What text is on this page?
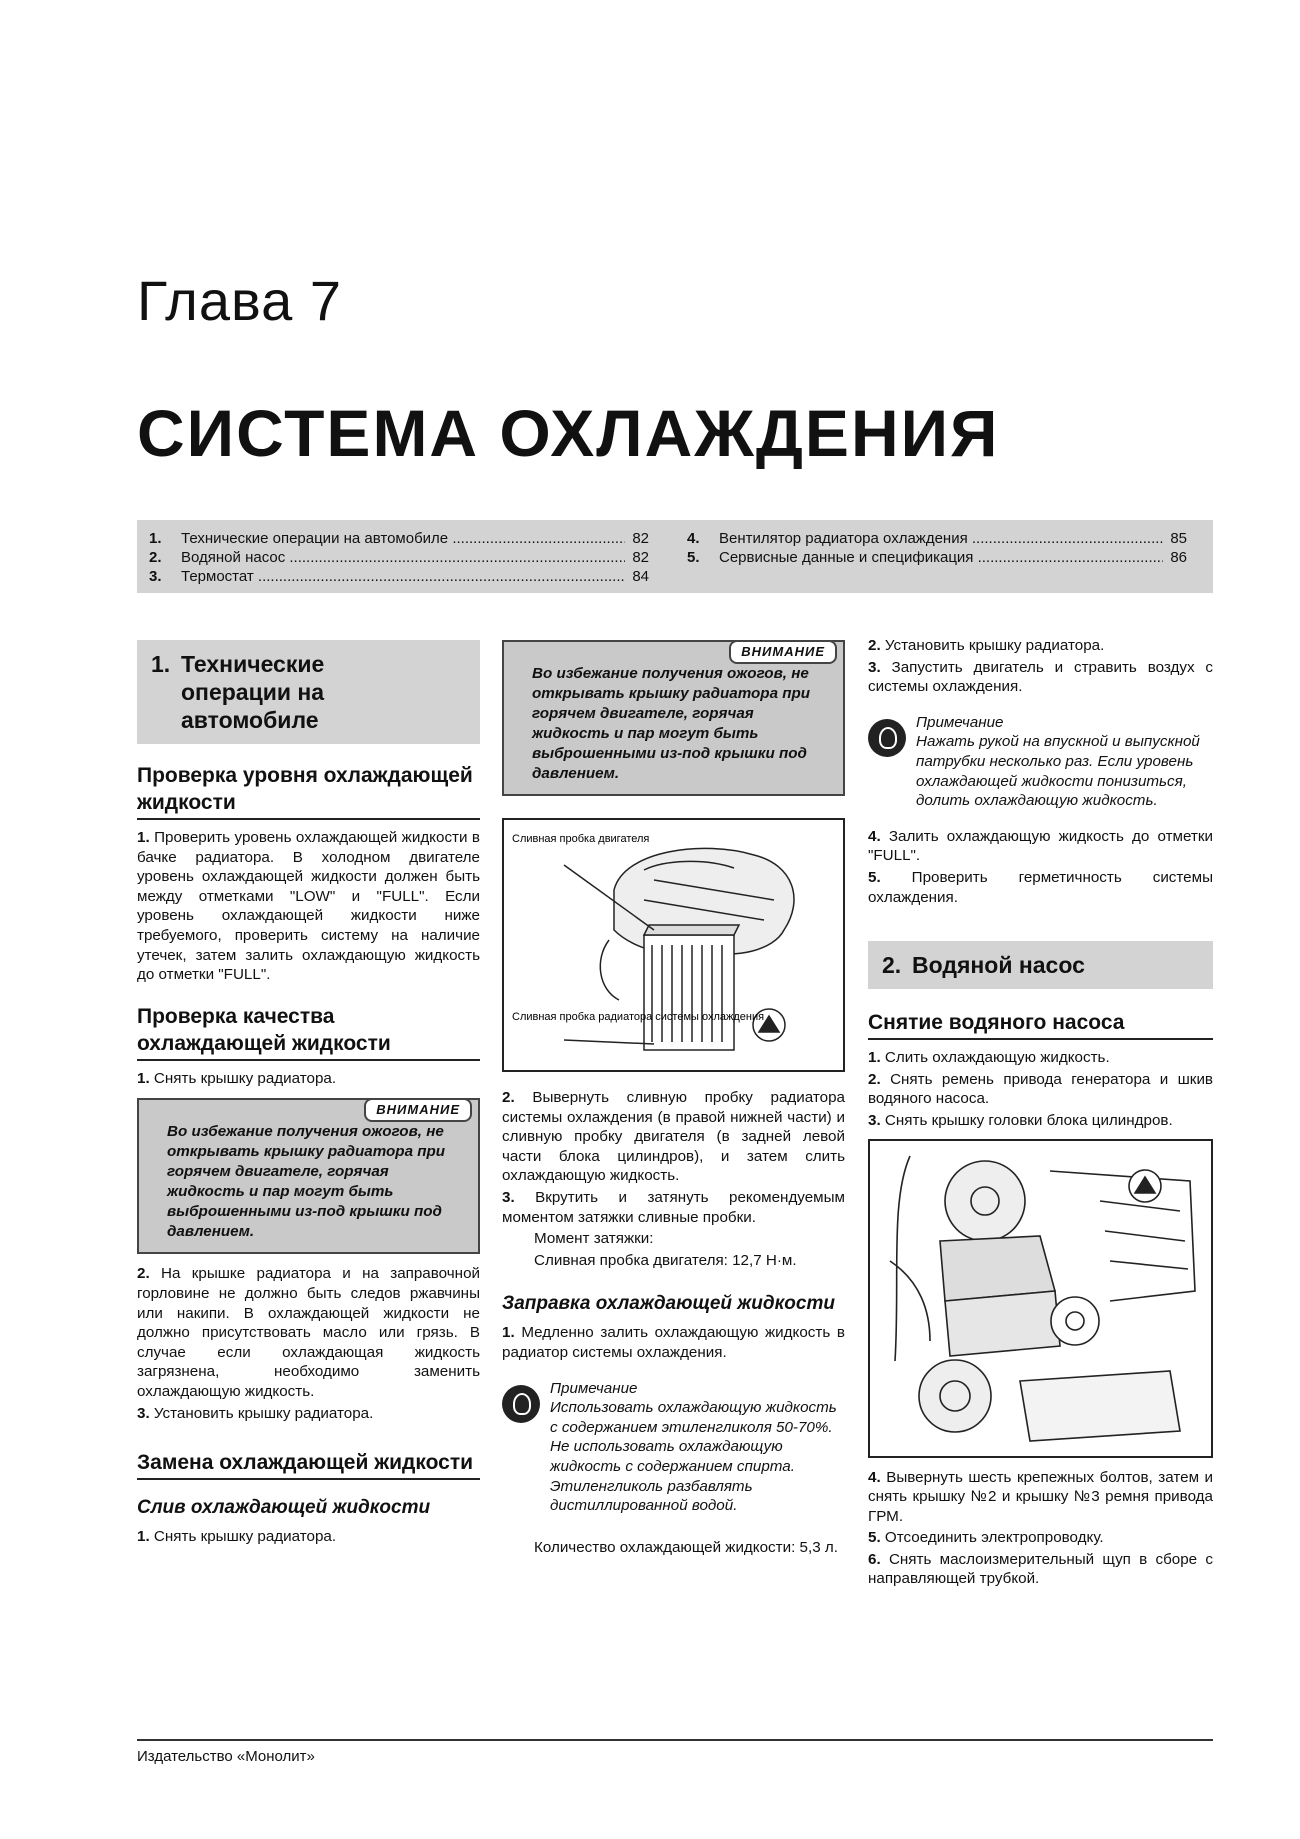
Глава 7
СИСТЕМА ОХЛАЖДЕНИЯ
1.	Технические операции на автомобиле .....	82
2.	Водяной насос .....	82
3.	Термостат .....	84
4.	Вентилятор радиатора охлаждения .....	85
5.	Сервисные данные и спецификация .....	86
1. Технические операции на автомобиле
Проверка уровня охлаждающей жидкости

1. Проверить уровень охлаждающей жидкости в бачке радиатора. В холодном двигателе уровень охлаждающей жидкости должен быть между отметками "LOW" и "FULL". Если уровень охлаждающей жидкости ниже требуемого, проверить систему на наличие утечек, затем залить охлаждающую жидкость до отметки "FULL".

Проверка качества охлаждающей жидкости

1. Снять крышку радиатора.

ВНИМАНИЕ
Во избежание получения ожогов, не открывать крышку радиатора при горячем двигателе, горячая жидкость и пар могут быть выброшенными из-под крышки под давлением.

2. На крышке радиатора и на заправочной горловине не должно быть следов ржавчины или накипи. В охлаждающей жидкости не должно присутствовать масло или грязь. В случае если охлаждающая жидкость загрязнена, необходимо заменить охлаждающую жидкость.

3. Установить крышку радиатора.

Замена охлаждающей жидкости
Слив охлаждающей жидкости

1. Снять крышку радиатора.

ВНИМАНИЕ
Во избежание получения ожогов, не открывать крышку радиатора при горячем двигателе, горячая жидкость и пар могут быть выброшенными из-под крышки под давлением.
Сливная пробка двигателя
Сливная пробка радиатора системы охлаждения

2. Вывернуть сливную пробку радиатора системы охлаждения (в правой нижней части) и сливную пробку двигателя (в задней левой части блока цилиндров), и затем слить охлаждающую жидкость.

3. Вкрутить и затянуть рекомендуемым моментом затяжки сливные пробки.

Момент затяжки:

Сливная пробка двигателя: 12,7 Н·м.

Заправка охлаждающей жидкости

1. Медленно залить охлаждающую жидкость в радиатор системы охлаждения.

Примечание
Использовать охлаждающую жидкость с содержанием этиленгликоля 50-70%.
Не использовать охлаждающую жидкость с содержанием спирта.
Этиленгликоль разбавлять дистиллированной водой.

Количество охлаждающей жидкости: 5,3 л.

2. Установить крышку радиатора.

3. Запустить двигатель и стравить воздух с системы охлаждения.

Примечание
Нажать рукой на впускной и выпускной патрубки несколько раз. Если уровень охлаждающей жидкости понизиться, долить охлаждающую жидкость.

4. Залить охлаждающую жидкость до отметки "FULL".

5. Проверить герметичность системы охлаждения.

2. Водяной насос
Снятие водяного насоса

1. Слить охлаждающую жидкость.

2. Снять ремень привода генератора и шкив водяного насоса.

3. Снять крышку головки блока цилиндров.

4. Вывернуть шесть крепежных болтов, затем и снять крышку №2 и крышку №3 ремня привода ГРМ.

5. Отсоединить электропроводку.

6. Снять маслоизмерительный щуп в сборе с направляющей трубкой.

Издательство «Монолит»
